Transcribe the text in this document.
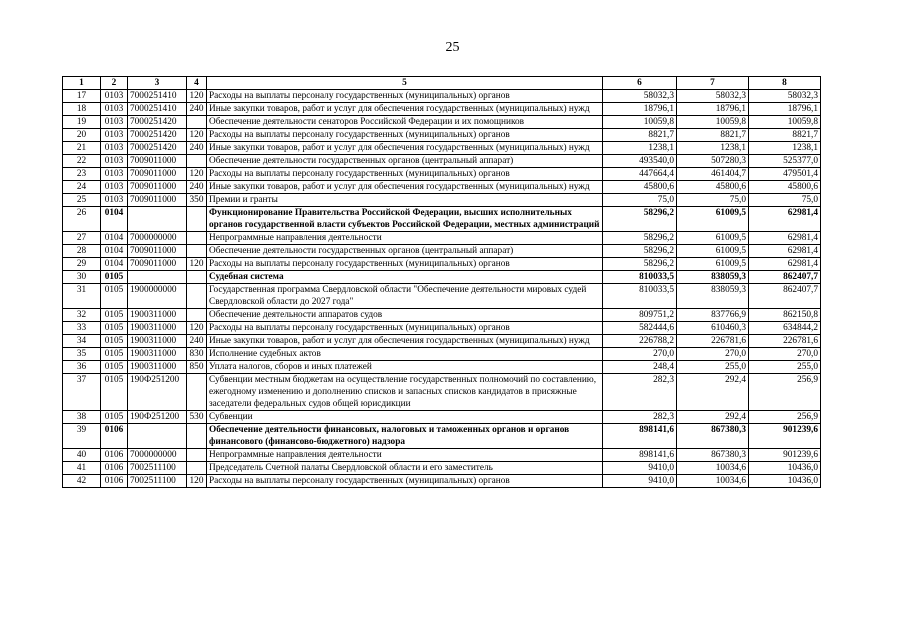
25
1	2	3	4	5	6	7	8
17	0103	7000251410	120	Расходы на выплаты персоналу государственных (муниципальных) органов	58032,3	58032,3	58032,3
18	0103	7000251410	240	Иные закупки товаров, работ и услуг для обеспечения государственных (муниципальных) нужд	18796,1	18796,1	18796,1
19	0103	7000251420		Обеспечение деятельности сенаторов Российской Федерации и их помощников	10059,8	10059,8	10059,8
20	0103	7000251420	120	Расходы на выплаты персоналу государственных (муниципальных) органов	8821,7	8821,7	8821,7
21	0103	7000251420	240	Иные закупки товаров, работ и услуг для обеспечения государственных (муниципальных) нужд	1238,1	1238,1	1238,1
22	0103	7009011000		Обеспечение деятельности государственных органов (центральный аппарат)	493540,0	507280,3	525377,0
23	0103	7009011000	120	Расходы на выплаты персоналу государственных (муниципальных) органов	447664,4	461404,7	479501,4
24	0103	7009011000	240	Иные закупки товаров, работ и услуг для обеспечения государственных (муниципальных) нужд	45800,6	45800,6	45800,6
25	0103	7009011000	350	Премии и гранты	75,0	75,0	75,0
26	0104			Функционирование Правительства Российской Федерации, высших исполнительных органов государственной власти субъектов Российской Федерации, местных администраций	58296,2	61009,5	62981,4
27	0104	7000000000		Непрограммные направления деятельности	58296,2	61009,5	62981,4
28	0104	7009011000		Обеспечение деятельности государственных органов (центральный аппарат)	58296,2	61009,5	62981,4
29	0104	7009011000	120	Расходы на выплаты персоналу государственных (муниципальных) органов	58296,2	61009,5	62981,4
30	0105			Судебная система	810033,5	838059,3	862407,7
31	0105	1900000000		Государственная программа Свердловской области "Обеспечение деятельности мировых судей Свердловской области до 2027 года"	810033,5	838059,3	862407,7
32	0105	1900311000		Обеспечение деятельности аппаратов судов	809751,2	837766,9	862150,8
33	0105	1900311000	120	Расходы на выплаты персоналу государственных (муниципальных) органов	582444,6	610460,3	634844,2
34	0105	1900311000	240	Иные закупки товаров, работ и услуг для обеспечения государственных (муниципальных) нужд	226788,2	226781,6	226781,6
35	0105	1900311000	830	Исполнение судебных актов	270,0	270,0	270,0
36	0105	1900311000	850	Уплата налогов, сборов и иных платежей	248,4	255,0	255,0
37	0105	190Ф251200		Субвенции местным бюджетам на осуществление государственных полномочий по составлению, ежегодному изменению и дополнению списков и запасных списков кандидатов в присяжные заседатели федеральных судов общей юрисдикции	282,3	292,4	256,9
38	0105	190Ф251200	530	Субвенции	282,3	292,4	256,9
39	0106			Обеспечение деятельности финансовых, налоговых и таможенных органов и органов финансового (финансово-бюджетного) надзора	898141,6	867380,3	901239,6
40	0106	7000000000		Непрограммные направления деятельности	898141,6	867380,3	901239,6
41	0106	7002511100		Председатель Счетной палаты Свердловской области и его заместитель	9410,0	10034,6	10436,0
42	0106	7002511100	120	Расходы на выплаты персоналу государственных (муниципальных) органов	9410,0	10034,6	10436,0
